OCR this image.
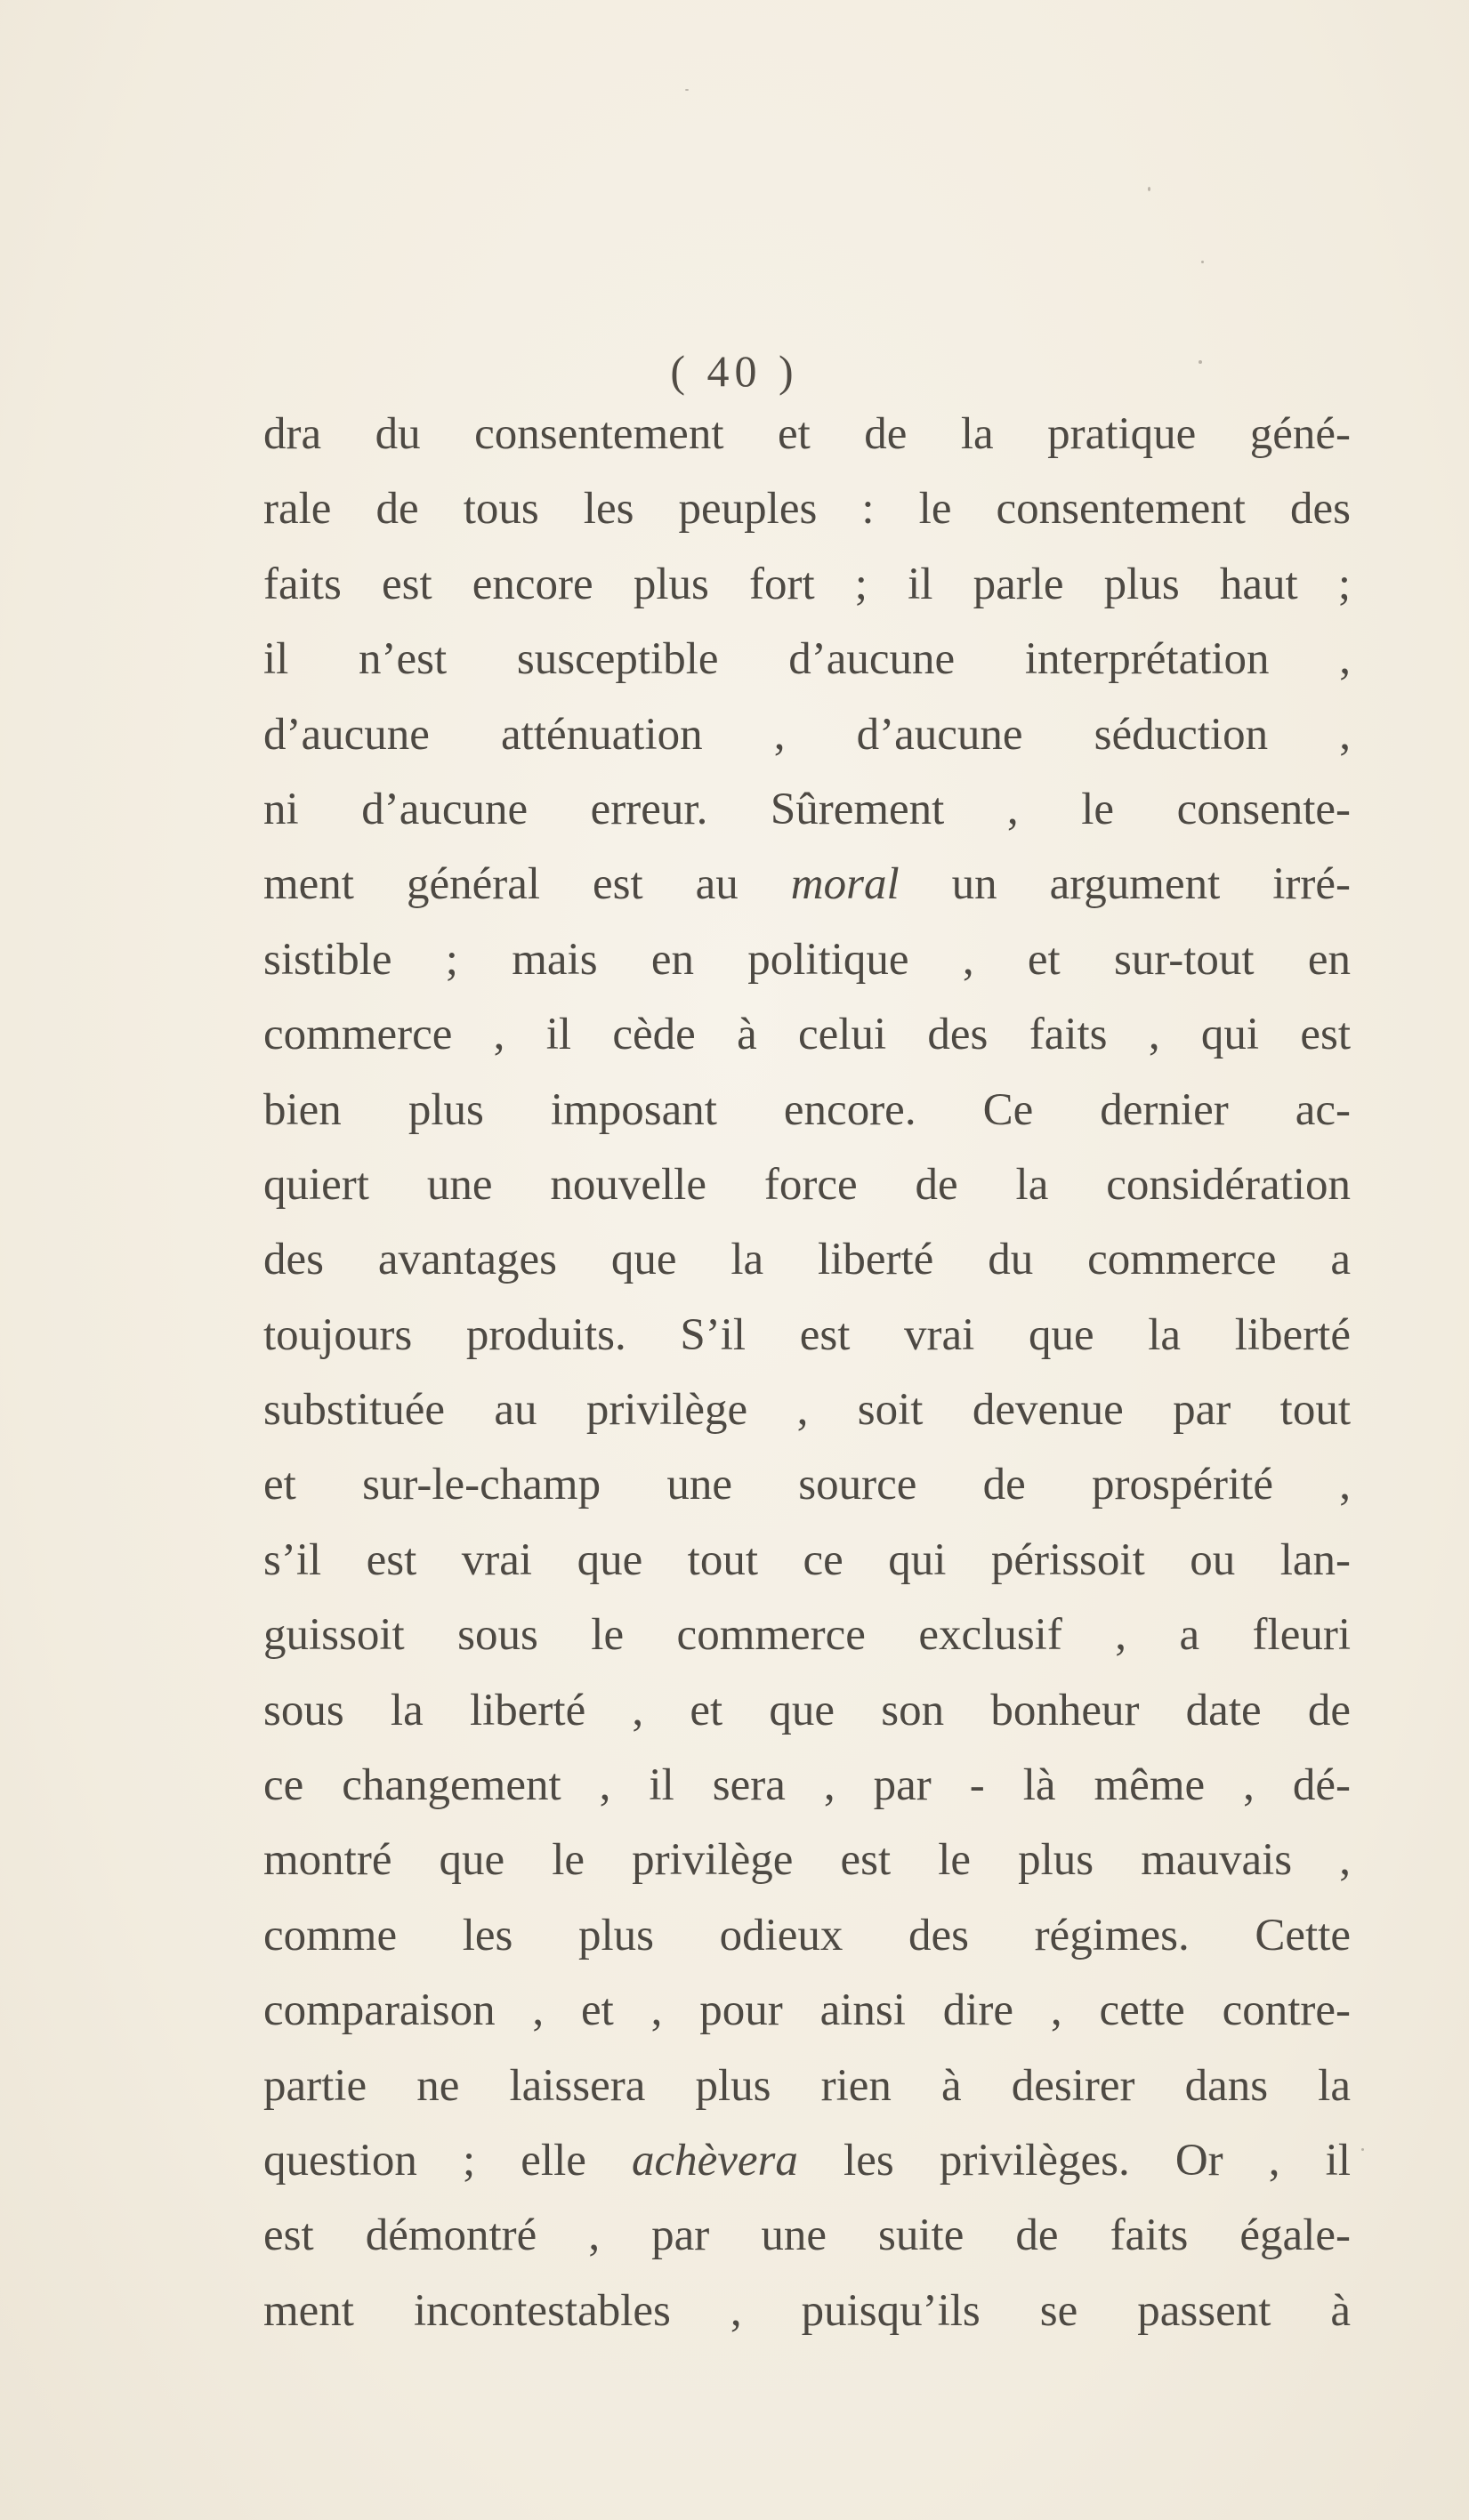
( 40 )
dra du consentement et de la pratique géné-
rale de tous les peuples : le consentement des
faits est encore plus fort ; il parle plus haut ;
il n’est susceptible d’aucune interprétation ,
d’aucune atténuation , d’aucune séduction ,
ni d’aucune erreur. Sûrement , le consente-
ment général est au moral un argument irré-
sistible ; mais en politique , et sur-tout en
commerce , il cède à celui des faits , qui est
bien plus imposant encore. Ce dernier ac-
quiert une nouvelle force de la considération
des avantages que la liberté du commerce a
toujours produits. S’il est vrai que la liberté
substituée au privilège , soit devenue par tout
et sur-le-champ une source de prospérité ,
s’il est vrai que tout ce qui périssoit ou lan-
guissoit sous le commerce exclusif , a fleuri
sous la liberté , et que son bonheur date de
ce changement , il sera , par - là même , dé-
montré que le privilège est le plus mauvais ,
comme les plus odieux des régimes. Cette
comparaison , et , pour ainsi dire , cette contre-
partie ne laissera plus rien à desirer dans la
question ; elle achèvera les privilèges. Or , il
est démontré , par une suite de faits égale-
ment incontestables , puisqu’ils se passent à
